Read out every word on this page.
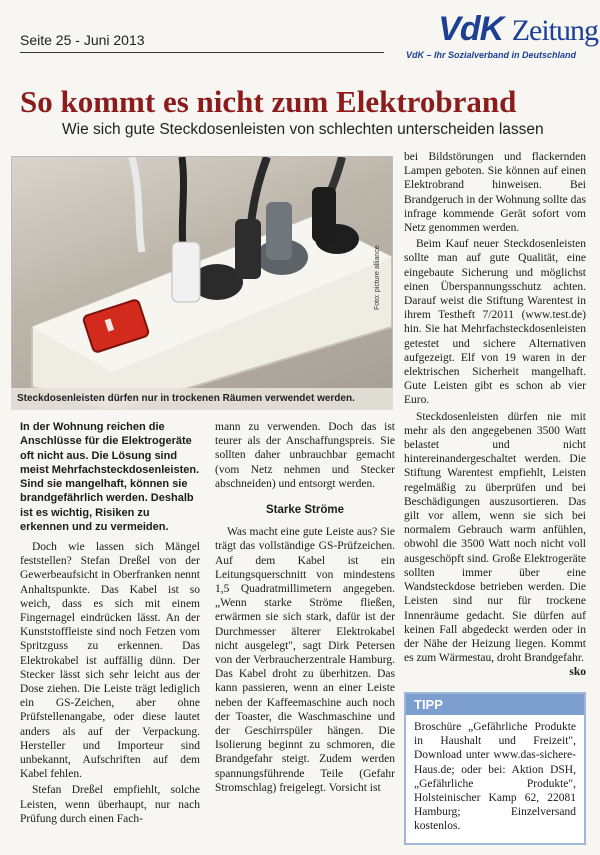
Seite 25 - Juni 2013	VdK Zeitung
VdK – Ihr Sozialverband in Deutschland
So kommt es nicht zum Elektrobrand
Wie sich gute Steckdosenleisten von schlechten unterscheiden lassen
Foto: picture alliance
Steckdosenleisten dürfen nur in trockenen Räumen verwendet werden.
In der Wohnung reichen die Anschlüsse für die Elektrogeräte oft nicht aus. Die Lösung sind meist Mehrfachsteckdosenleisten. Sind sie mangelhaft, können sie brandgefährlich werden. Deshalb ist es wichtig, Risiken zu erkennen und zu vermeiden.

Doch wie lassen sich Mängel feststellen? Stefan Dreßel von der Gewerbeaufsicht in Oberfranken nennt Anhaltspunkte. Das Kabel ist so weich, dass es sich mit einem Fingernagel eindrücken lässt. An der Kunststoffleiste sind noch Fetzen vom Spritzguss zu erkennen. Das Elektrokabel ist auffällig dünn. Der Stecker lässt sich sehr leicht aus der Dose ziehen. Die Leiste trägt lediglich ein GS-Zeichen, aber ohne Prüfstellenangabe, oder diese lautet anders als auf der Verpackung. Hersteller und Importeur sind unbekannt, Aufschriften auf dem Kabel fehlen.

Stefan Dreßel empfiehlt, solche Leisten, wenn überhaupt, nur nach Prüfung durch einen Fach-

mann zu verwenden. Doch das ist teurer als der Anschaffungspreis. Sie sollten daher unbrauchbar gemacht (vom Netz nehmen und Stecker abschneiden) und entsorgt werden.

Starke Ströme

Was macht eine gute Leiste aus? Sie trägt das vollständige GS-Prüfzeichen. Auf dem Kabel ist ein Leitungsquerschnitt von mindestens 1,5 Quadratmillimetern angegeben. „Wenn starke Ströme fließen, erwärmen sie sich stark, dafür ist der Durchmesser älterer Elektrokabel nicht ausgelegt", sagt Dirk Petersen von der Verbraucherzentrale Hamburg. Das Kabel droht zu überhitzen. Das kann passieren, wenn an einer Leiste neben der Kaffeemaschine auch noch der Toaster, die Waschmaschine und der Geschirrspüler hängen. Die Isolierung beginnt zu schmoren, die Brandgefahr steigt. Zudem werden spannungsführende Teile (Gefahr Stromschlag) freigelegt. Vorsicht ist

bei Bildstörungen und flackernden Lampen geboten. Sie können auf einen Elektrobrand hinweisen. Bei Brandgeruch in der Wohnung sollte das infrage kommende Gerät sofort vom Netz genommen werden.

Beim Kauf neuer Steckdosenleisten sollte man auf gute Qualität, eine eingebaute Sicherung und möglichst einen Überspannungsschutz achten. Darauf weist die Stiftung Warentest in ihrem Testheft 7/2011 (www.test.de) hin. Sie hat Mehrfachsteckdosenleisten getestet und sichere Alternativen aufgezeigt. Elf von 19 waren in der elektrischen Sicherheit mangelhaft. Gute Leisten gibt es schon ab vier Euro.

Steckdosenleisten dürfen nie mit mehr als den angegebenen 3500 Watt belastet und nicht hintereinandergeschaltet werden. Die Stiftung Warentest empfiehlt, Leisten regelmäßig zu überprüfen und bei Beschädigungen auszusortieren. Das gilt vor allem, wenn sie sich bei normalem Gebrauch warm anfühlen, obwohl die 3500 Watt noch nicht voll ausgeschöpft sind. Große Elektrogeräte sollten immer über eine Wandsteckdose betrieben werden. Die Leisten sind nur für trockene Innenräume gedacht. Sie dürfen auf keinen Fall abgedeckt werden oder in der Nähe der Heizung liegen. Kommt es zum Wärmestau, droht Brandgefahr.
sko

TIPP
Broschüre „Gefährliche Produkte in Haushalt und Freizeit", Download unter www.das-sichere-Haus.de; oder bei: Aktion DSH, „Gefährliche Produkte", Holsteinischer Kamp 62, 22081 Hamburg; Einzelversand kostenlos.
